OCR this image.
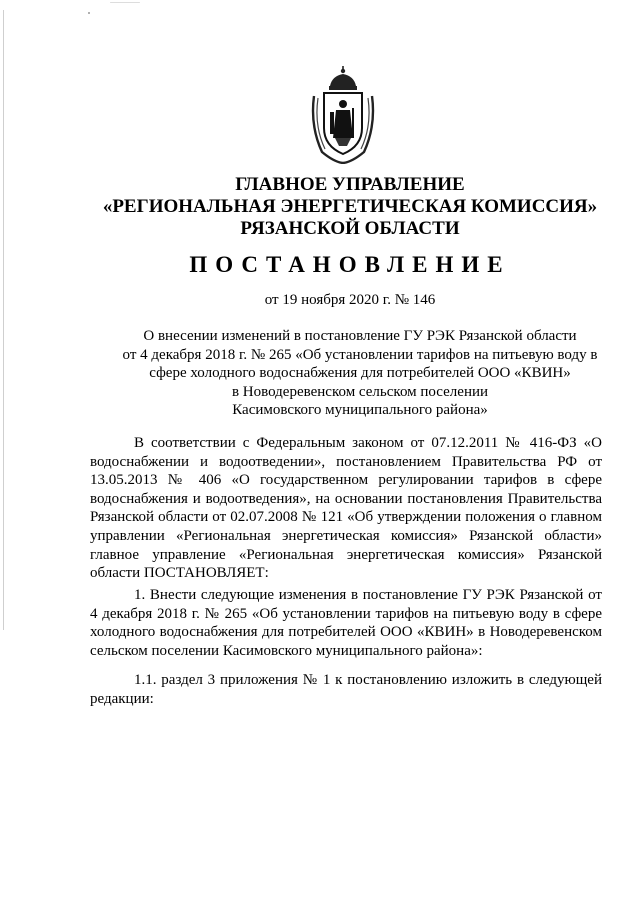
ГЛАВНОЕ УПРАВЛЕНИЕ
«РЕГИОНАЛЬНАЯ ЭНЕРГЕТИЧЕСКАЯ КОМИССИЯ»
РЯЗАНСКОЙ ОБЛАСТИ
ПОСТАНОВЛЕНИЕ
от 19 ноября 2020 г. № 146
О внесении изменений в постановление ГУ РЭК Рязанской области
от 4 декабря 2018 г. № 265 «Об установлении тарифов на питьевую воду в
сфере холодного водоснабжения для потребителей ООО «КВИН»
в Новодеревенском сельском поселении
Касимовского муниципального района»

В соответствии с Федеральным законом от 07.12.2011 № 416-ФЗ «О водоснабжении и водоотведении», постановлением Правительства РФ от 13.05.2013 № 406 «О государственном регулировании тарифов в сфере водоснабжения и водоотведения», на основании постановления Правительства Рязанской области от 02.07.2008 № 121 «Об утверждении положения о главном управлении «Региональная энергетическая комиссия» Рязанской области» главное управление «Региональная энергетическая комиссия» Рязанской области ПОСТАНОВЛЯЕТ:

1. Внести следующие изменения в постановление ГУ РЭК Рязанской от 4 декабря 2018 г. № 265 «Об установлении тарифов на питьевую воду в сфере холодного водоснабжения для потребителей ООО «КВИН» в Новодеревенском сельском поселении Касимовского муниципального района»:

1.1. раздел 3 приложения № 1 к постановлению изложить в следующей редакции:
